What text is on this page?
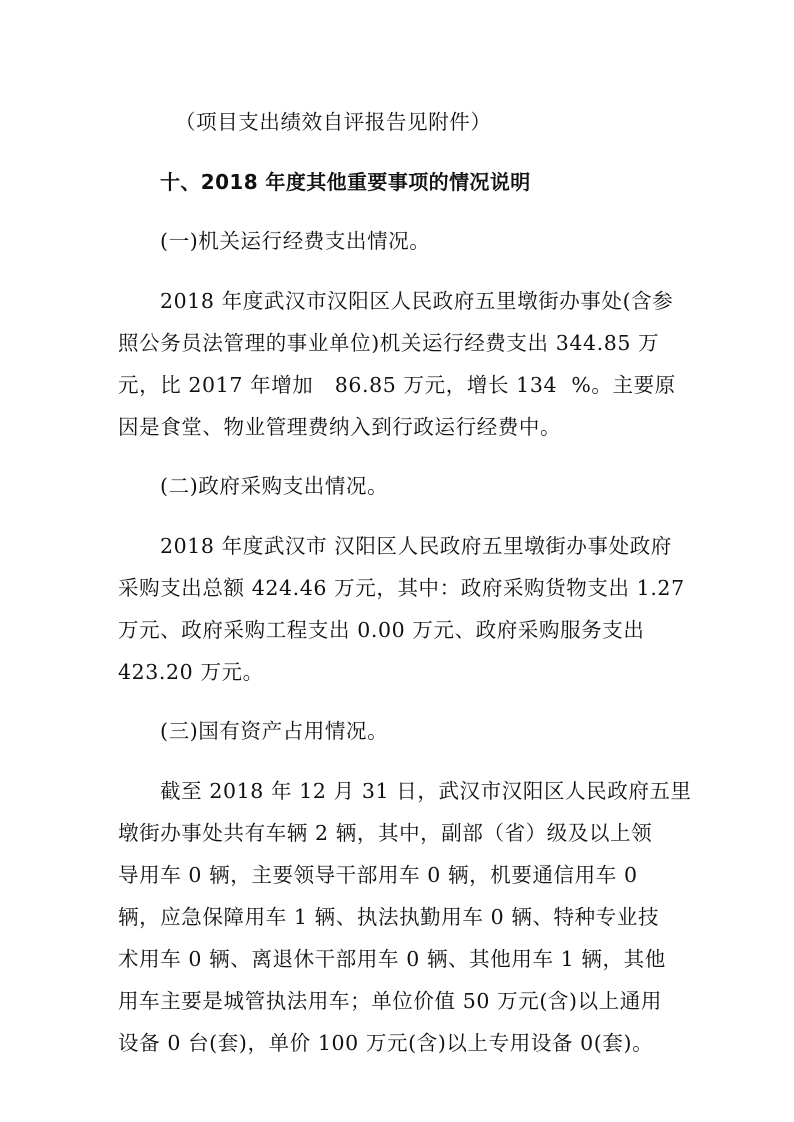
（项目支出绩效自评报告见附件）
十、2018 年度其他重要事项的情况说明
(一)机关运行经费支出情况。
2018 年度武汉市汉阳区人民政府五里墩街办事处(含参
照公务员法管理的事业单位)机关运行经费支出 344.85 万
元，比 2017 年增加   86.85 万元，增长 134  %。主要原
因是食堂、物业管理费纳入到行政运行经费中。
(二)政府采购支出情况。
2018 年度武汉市 汉阳区人民政府五里墩街办事处政府
采购支出总额 424.46 万元，其中：政府采购货物支出 1.27
万元、政府采购工程支出 0.00 万元、政府采购服务支出
423.20 万元。
(三)国有资产占用情况。
截至 2018 年 12 月 31 日，武汉市汉阳区人民政府五里
墩街办事处共有车辆 2 辆，其中，副部（省）级及以上领
导用车 0 辆，主要领导干部用车 0 辆，机要通信用车 0
辆，应急保障用车 1 辆、执法执勤用车 0 辆、特种专业技
术用车 0 辆、离退休干部用车 0 辆、其他用车 1 辆，其他
用车主要是城管执法用车；单位价值 50 万元(含)以上通用
设备 0 台(套)，单价 100 万元(含)以上专用设备 0(套)。
